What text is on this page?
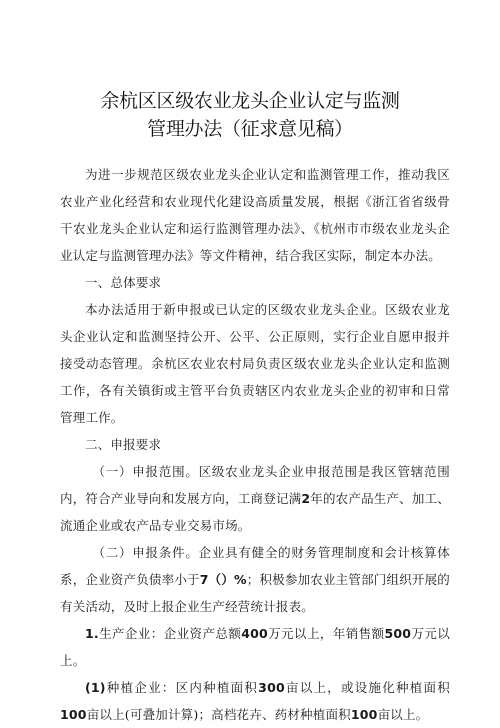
余杭区区级农业龙头企业认定与监测
管理办法（征求意见稿）

为进一步规范区级农业龙头企业认定和监测管理工作，推动我区农业产业化经营和农业现代化建设高质量发展，根据《浙江省省级骨干农业龙头企业认定和运行监测管理办法》、《杭州市市级农业龙头企业认定与监测管理办法》等文件精神，结合我区实际，制定本办法。

一、总体要求

本办法适用于新申报或已认定的区级农业龙头企业。区级农业龙头企业认定和监测坚持公开、公平、公正原则，实行企业自愿申报并接受动态管理。余杭区农业农村局负责区级农业龙头企业认定和监测工作，各有关镇街或主管平台负责辖区内农业龙头企业的初审和日常管理工作。

二、申报要求

（一）申报范围。区级农业龙头企业申报范围是我区管辖范围内，符合产业导向和发展方向，工商登记满2年的农产品生产、加工、流通企业或农产品专业交易市场。

（二）申报条件。企业具有健全的财务管理制度和会计核算体系，企业资产负债率小于7（）%；积极参加农业主管部门组织开展的有关活动，及时上报企业生产经营统计报表。

1.生产企业：企业资产总额400万元以上，年销售额500万元以上。

(1)种植企业：区内种植面积300亩以上，或设施化种植面积100亩以上(可叠加计算)；高档花卉、药材种植面积100亩以上。
